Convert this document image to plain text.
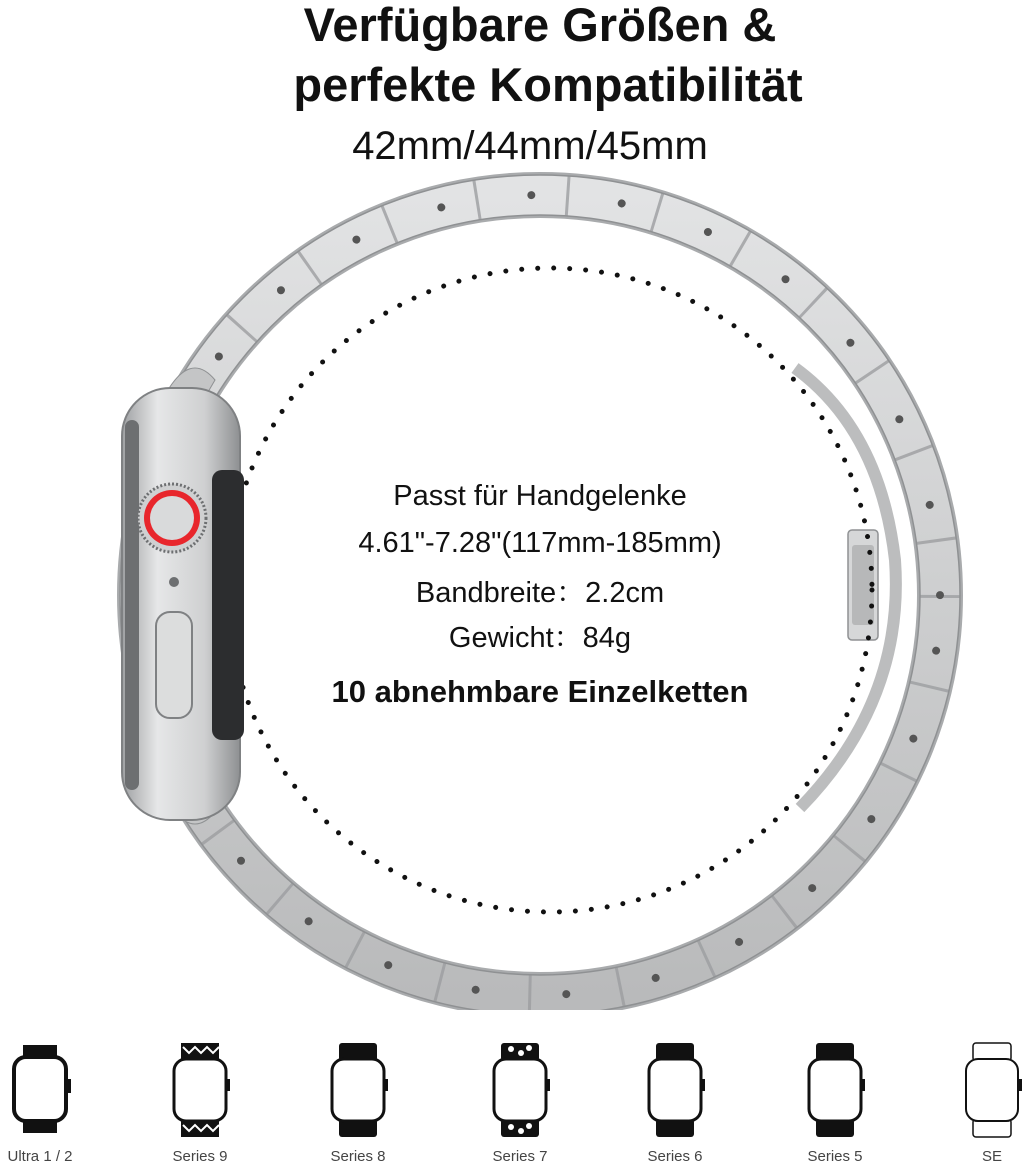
Verfügbare Größen &
perfekte Kompatibilität
42mm/44mm/45mm
Passt für Handgelenke
4.61"-7.28"(117mm-185mm)
Bandbreite：2.2cm
Gewicht：84g
10 abnehmbare Einzelketten
Ultra 1 / 2	Series 9	Series 8	Series 7	Series 6	Series 5	SE
